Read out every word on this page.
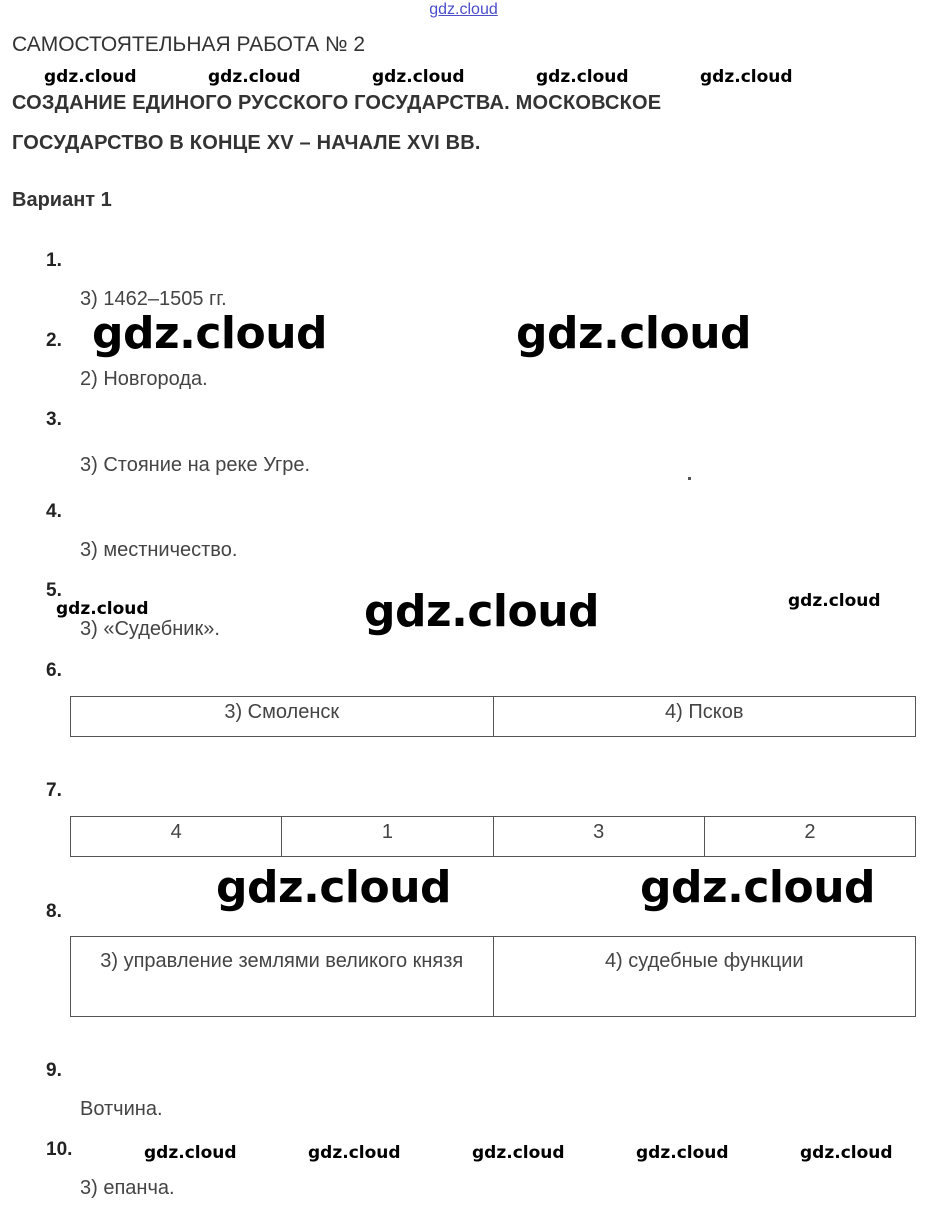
gdz.cloud
САМОСТОЯТЕЛЬНАЯ РАБОТА № 2
СОЗДАНИЕ ЕДИНОГО РУССКОГО ГОСУДАРСТВА. МОСКОВСКОЕ
ГОСУДАРСТВО В КОНЦЕ XV – НАЧАЛЕ XVI ВВ.
Вариант 1
gdz.cloud	gdz.cloud	gdz.cloud	gdz.cloud	gdz.cloud
1.
3) 1462–1505 гг.
2.
2) Новгорода.
gdz.cloud	gdz.cloud
3.
3) Стояние на реке Угре.
4.
3) местничество.
5.
3) «Судебник».
gdz.cloud	gdz.cloud	gdz.cloud
6.
3) Смоленск	4) Псков
7.
4	1	3	2
gdz.cloud	gdz.cloud
8.
3) управление землями великого князя	4) судебные функции
9.
Вотчина.
10.
3) епанча.
gdz.cloud	gdz.cloud	gdz.cloud	gdz.cloud	gdz.cloud
